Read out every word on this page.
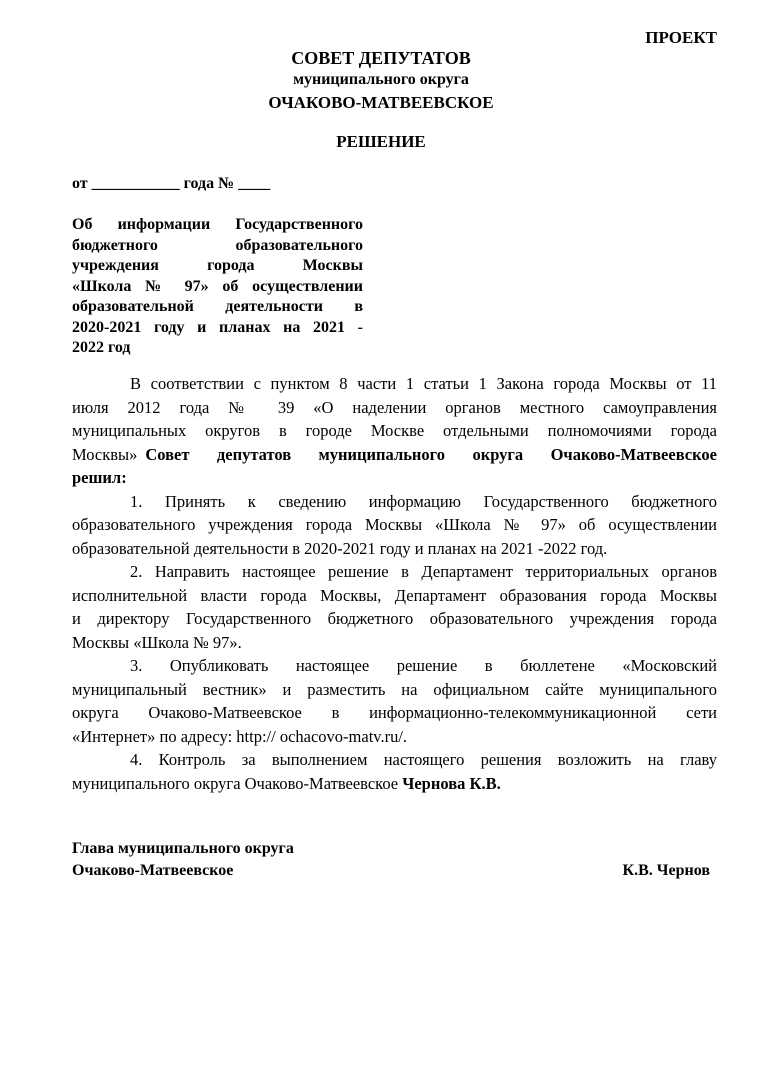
ПРОЕКТ
СОВЕТ ДЕПУТАТОВ
муниципального округа
ОЧАКОВО-МАТВЕЕВСКОЕ
РЕШЕНИЕ
от ___________ года № ____
Об информации Государственного
бюджетного образовательного
учреждения города Москвы
«Школа № 97» об осуществлении
образовательной деятельности в
2020-2021 году и планах на 2021 -
2022 год
В соответствии с пунктом 8 части 1 статьи 1 Закона города Москвы от 11
июля 2012 года № 39 «О наделении органов местного самоуправления
муниципальных округов в городе Москве отдельными полномочиями города
Москвы» Совет депутатов муниципального округа Очаково-Матвеевское
решил:
1. Принять к сведению информацию Государственного бюджетного
образовательного учреждения города Москвы «Школа № 97» об осуществлении
образовательной деятельности в 2020-2021 году и планах на 2021 -2022 год.
2. Направить настоящее решение в Департамент территориальных органов
исполнительной власти города Москвы, Департамент образования города Москвы
и директору Государственного бюджетного образовательного учреждения города
Москвы «Школа № 97».
3. Опубликовать настоящее решение в бюллетене «Московский
муниципальный вестник» и разместить на официальном сайте муниципального
округа Очаково-Матвеевское в информационно-телекоммуникационной сети
«Интернет» по адресу: http:// ochacovo-matv.ru/.
4. Контроль за выполнением настоящего решения возложить на главу
муниципального округа Очаково-Матвеевское Чернова К.В.
Глава муниципального округа
Очаково-Матвеевское	К.В. Чернов
